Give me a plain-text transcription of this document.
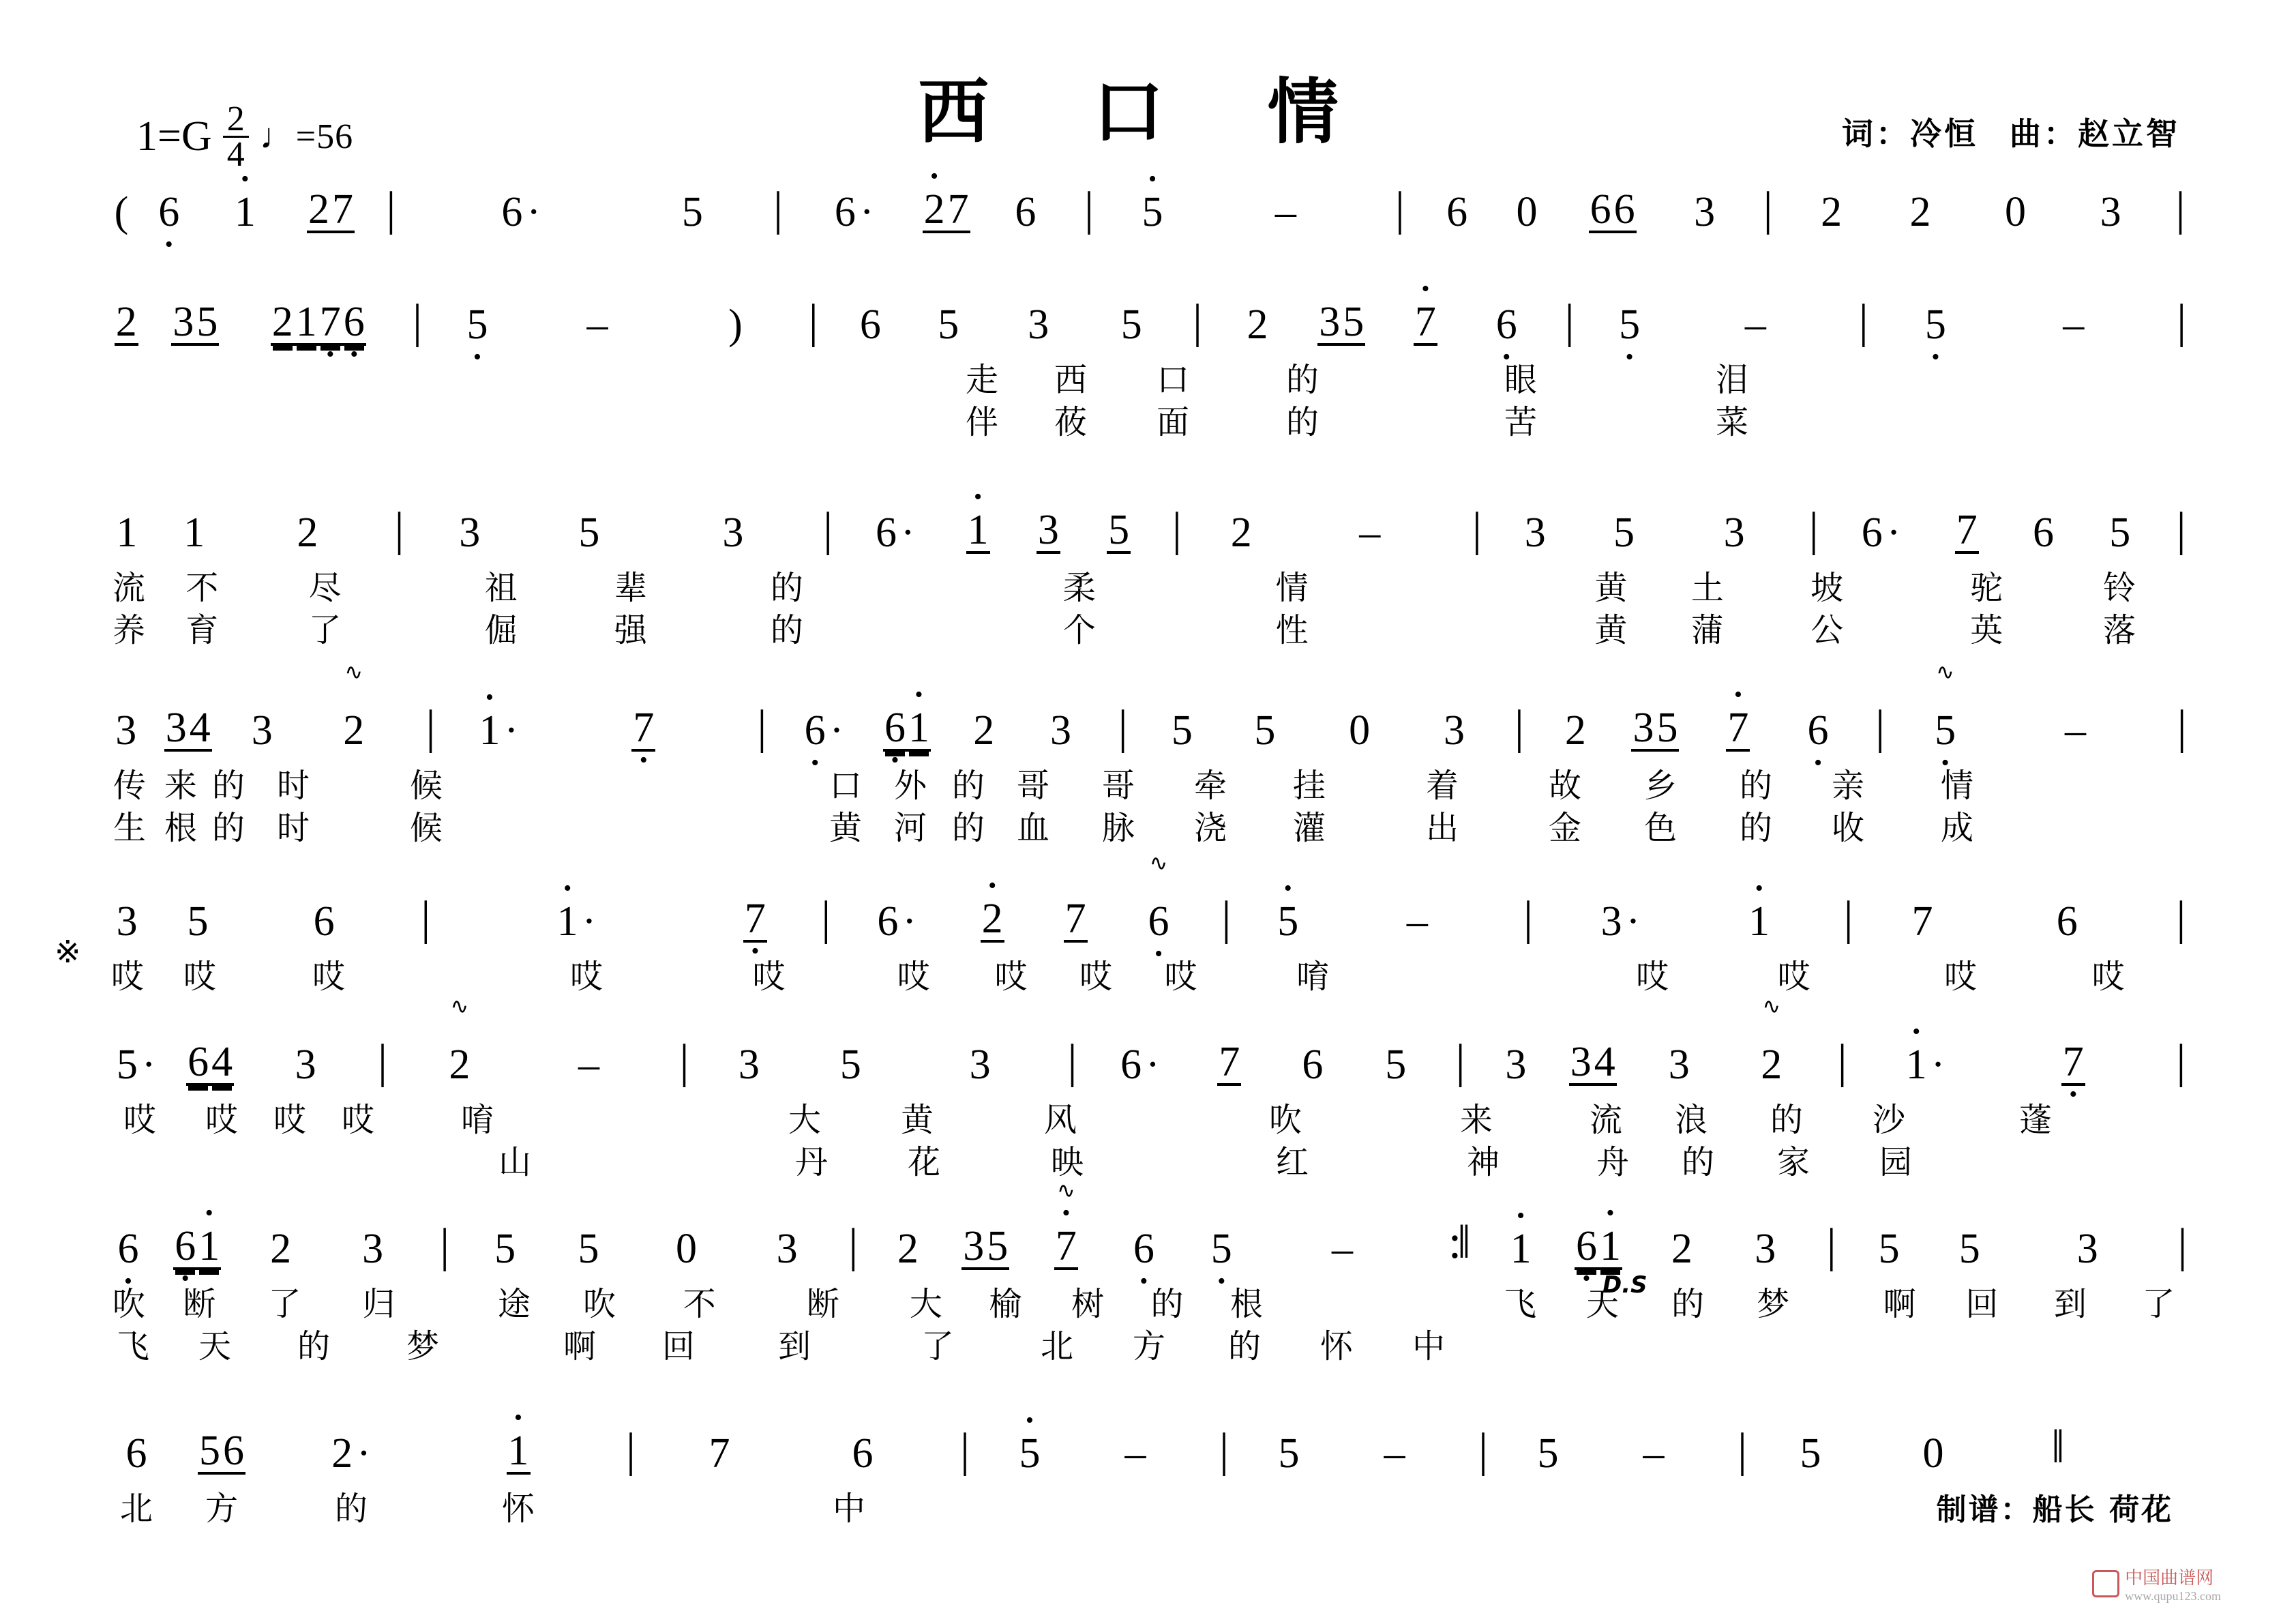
$1=G \frac{2}{4}$ ♩=56	西 口 情	词：冷恒 曲：赵立智
( 6 • • 1 2 7 | 6 ·	5 | 6 · • 2 7 6 | • 5	– | 6 0 6 6 3 | 2 2 0 3 |
2 3 5 2 1 7 • 6 • | 5 • –	) | 6 5 3 5 | 2 3 5 • 7 6 • | 5 • – | 5 •	– |
走	西	口	的	眼	泪
伴	莜	面	的	苦	菜
1 1 2 | 3 5	3 | 6 · • 1 3 5 | 2	– | 3 5 3 | 6 · 7 6 5 |
流	不	尽	祖	辈	的	柔	情	黄	土	坡	驼	铃
养	育	了	倔	强	的	个	性	黄	蒲	公	英	落
3 3 4 3 2
∿
| • 1 ·	7 • | 6 • · 6 • • 1 2 3 | 5 5 0 3 | 2 3 5 • 7 6 • | 5 •
∿
– |
传 来 的 时	候	口 外 的 哥	哥	牵	挂	着	故	乡	的	亲	情
生 根 的 时	候	黄 河 的 血	脉	浇	灌	出	金	色	的	收	成
※
3 5 6 |	• 1 ·	7 • | 6 · • 2 7 6 •
∿
| • 5	– | 3 ·	• 1 | 7	6 |
哎	哎	哎	哎	哎	哎	哎	哎	哎	唷	哎	哎	哎	哎
5 · 6 4 3 | 2
∿
– | 3 5	3 | 6 · 7 6 5 | 3 3 4 3 2
∿
| • 1 ·	7 • |
哎	哎	哎	哎	唷	大	黄	风	吹	来	流	浪	的	沙	蓬
山	丹	花	映	红	神	舟	的	家	园
6 • 6 • • 1 2 3 | 5 5 0 3 | 2 3 5 • 7
∿
6 • 5 • – :‖ • 1 6 • • 1 2 3 | 5 5 3 |
D.S
吹	断	了	归	途	吹	不	断	大	榆	树	的	根	飞	天	的	梦	啊	回	到	了
飞	天	的	梦	啊	回	到	了	北	方	的	怀	中
6 5 6 2 ·	• 1 | 7	6 | • 5 – | 5 – | 5 – | 5 0 ‖
北	方	的	怀	中	制谱：船长 荷花
中国曲谱网
www.qupu123.com
